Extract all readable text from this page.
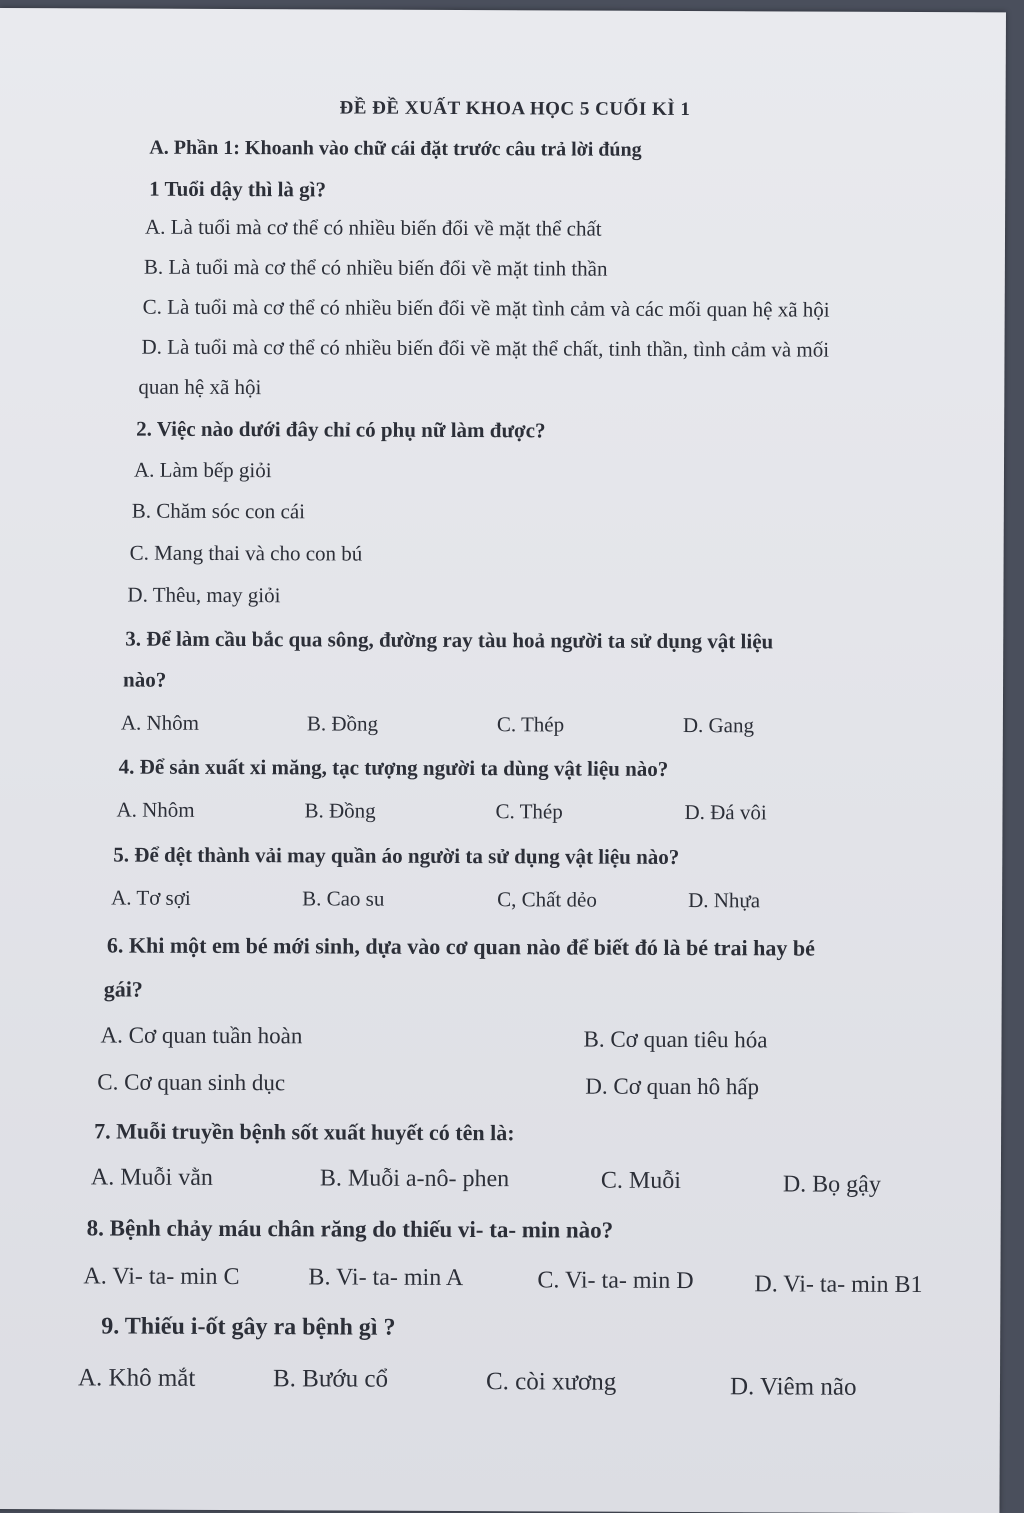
ĐỀ ĐỀ XUẤT KHOA HỌC 5 CUỐI KÌ 1
A. Phần 1: Khoanh vào chữ cái đặt trước câu trả lời đúng
1 Tuổi dậy thì là gì?
A. Là tuổi mà cơ thể có nhiều biến đổi về mặt thể chất
B. Là tuổi mà cơ thể có nhiều biến đổi về mặt tinh thần
C. Là tuổi mà cơ thể có nhiều biến đổi về mặt tình cảm và các mối quan hệ xã hội
D. Là tuổi mà cơ thể có nhiều biến đổi về mặt thể chất, tinh thần, tình cảm và mối
quan hệ xã hội
2. Việc nào dưới đây chỉ có phụ nữ làm được?
A. Làm bếp giỏi
B. Chăm sóc con cái
C. Mang thai và cho con bú
D. Thêu, may giỏi
3. Để làm cầu bắc qua sông, đường ray tàu hoả người ta sử dụng vật liệu
nào?
A. Nhôm	B. Đồng	C. Thép	D. Gang
4. Để sản xuất xi măng, tạc tượng người ta dùng vật liệu nào?
A. Nhôm	B. Đồng	C. Thép	D. Đá vôi
5. Để dệt thành vải may quần áo người ta sử dụng vật liệu nào?
A. Tơ sợi	B. Cao su	C, Chất dẻo	D. Nhựa
6. Khi một em bé mới sinh, dựa vào cơ quan nào để biết đó là bé trai hay bé
gái?
A. Cơ quan tuần hoàn	B. Cơ quan tiêu hóa
C. Cơ quan sinh dục	D. Cơ quan hô hấp
7. Muỗi truyền bệnh sốt xuất huyết có tên là:
A. Muỗi vằn	B. Muỗi a-nô- phen	C. Muỗi	D. Bọ gậy
8. Bệnh chảy máu chân răng do thiếu vi- ta- min nào?
A. Vi- ta- min C	B. Vi- ta- min A	C. Vi- ta- min D	D. Vi- ta- min B1
9. Thiếu i-ốt gây ra bệnh gì ?
A. Khô mắt	B. Bướu cổ	C. còi xương	D. Viêm não
